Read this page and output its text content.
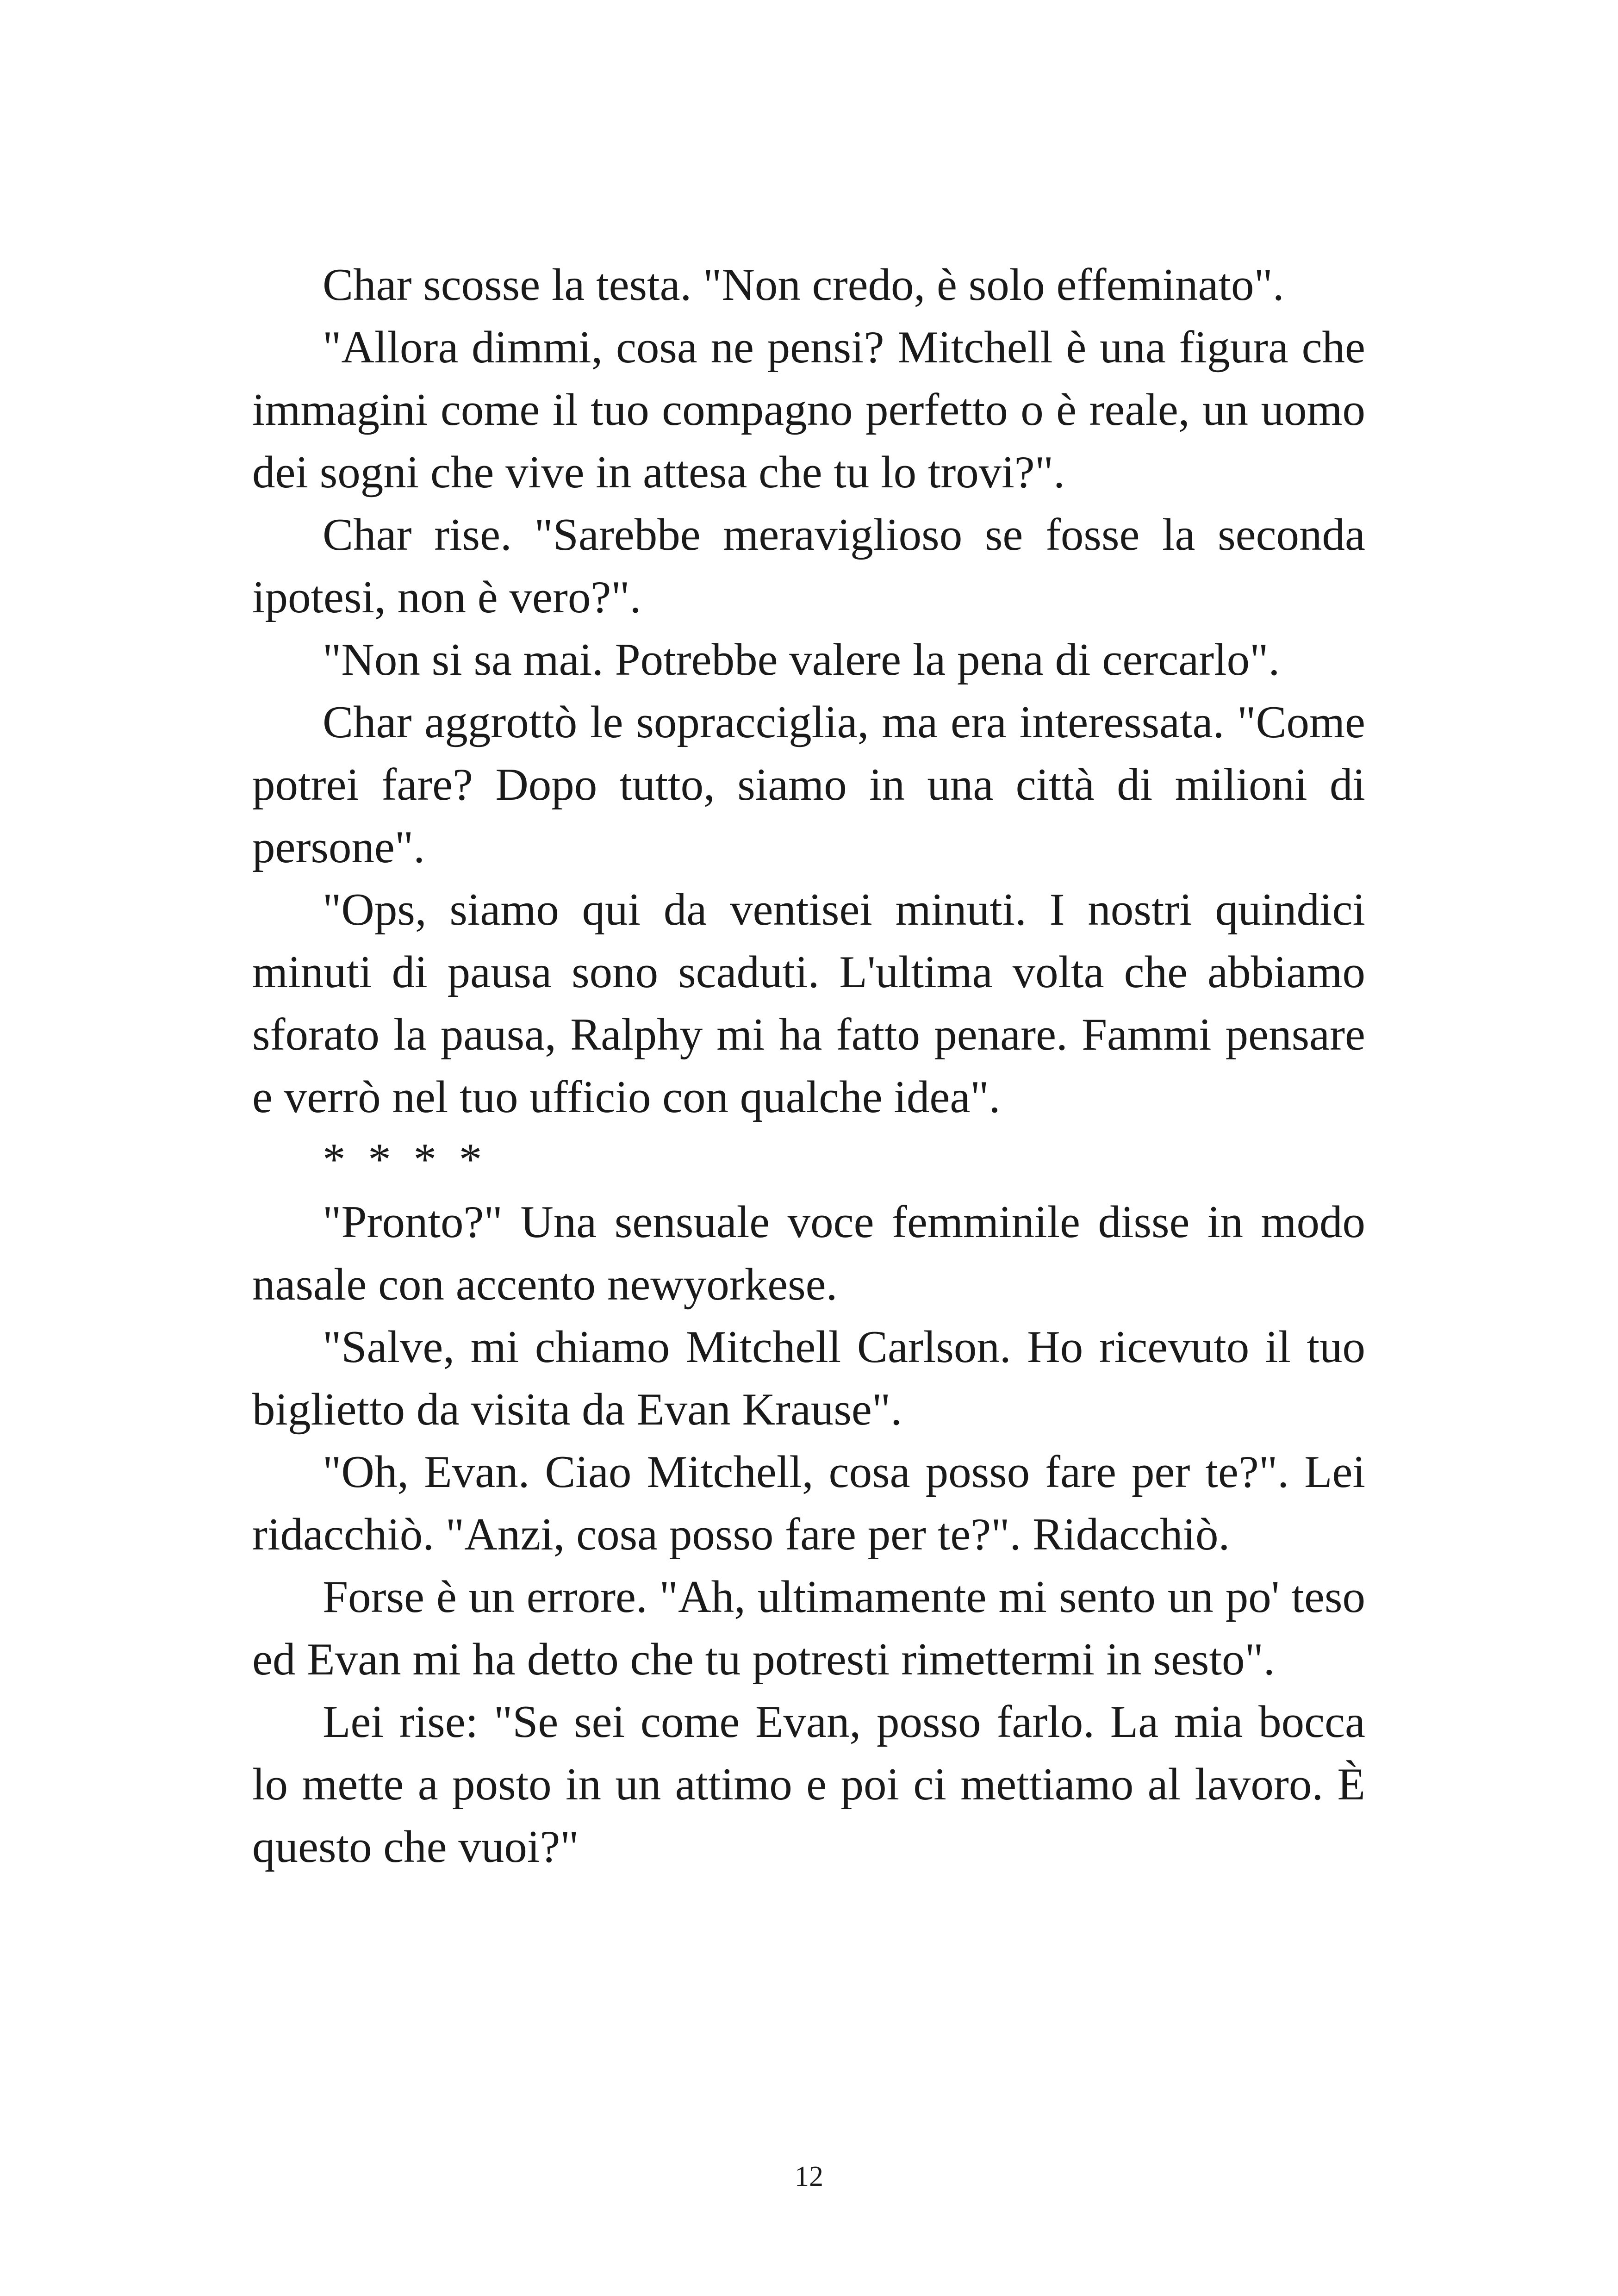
Char scosse la testa. "Non credo, è solo effeminato".

"Allora dimmi, cosa ne pensi? Mitchell è una figura che immagini come il tuo compagno perfetto o è reale, un uomo dei sogni che vive in attesa che tu lo trovi?".

Char rise. "Sarebbe meraviglioso se fosse la seconda ipotesi, non è vero?".

"Non si sa mai. Potrebbe valere la pena di cercarlo".

Char aggrottò le sopracciglia, ma era interessata. "Come potrei fare? Dopo tutto, siamo in una città di milioni di persone".

"Ops, siamo qui da ventisei minuti. I nostri quindici minuti di pausa sono scaduti. L'ultima volta che abbiamo sforato la pausa, Ralphy mi ha fatto penare. Fammi pensare e verrò nel tuo ufficio con qualche idea".

* * * *

"Pronto?" Una sensuale voce femminile disse in modo nasale con accento newyorkese.

"Salve, mi chiamo Mitchell Carlson. Ho ricevuto il tuo biglietto da visita da Evan Krause".

"Oh, Evan. Ciao Mitchell, cosa posso fare per te?". Lei ridacchiò. "Anzi, cosa posso fare per te?". Ridacchiò.

Forse è un errore. "Ah, ultimamente mi sento un po' teso ed Evan mi ha detto che tu potresti rimettermi in sesto".

Lei rise: "Se sei come Evan, posso farlo. La mia bocca lo mette a posto in un attimo e poi ci mettiamo al lavoro. È questo che vuoi?"

12
